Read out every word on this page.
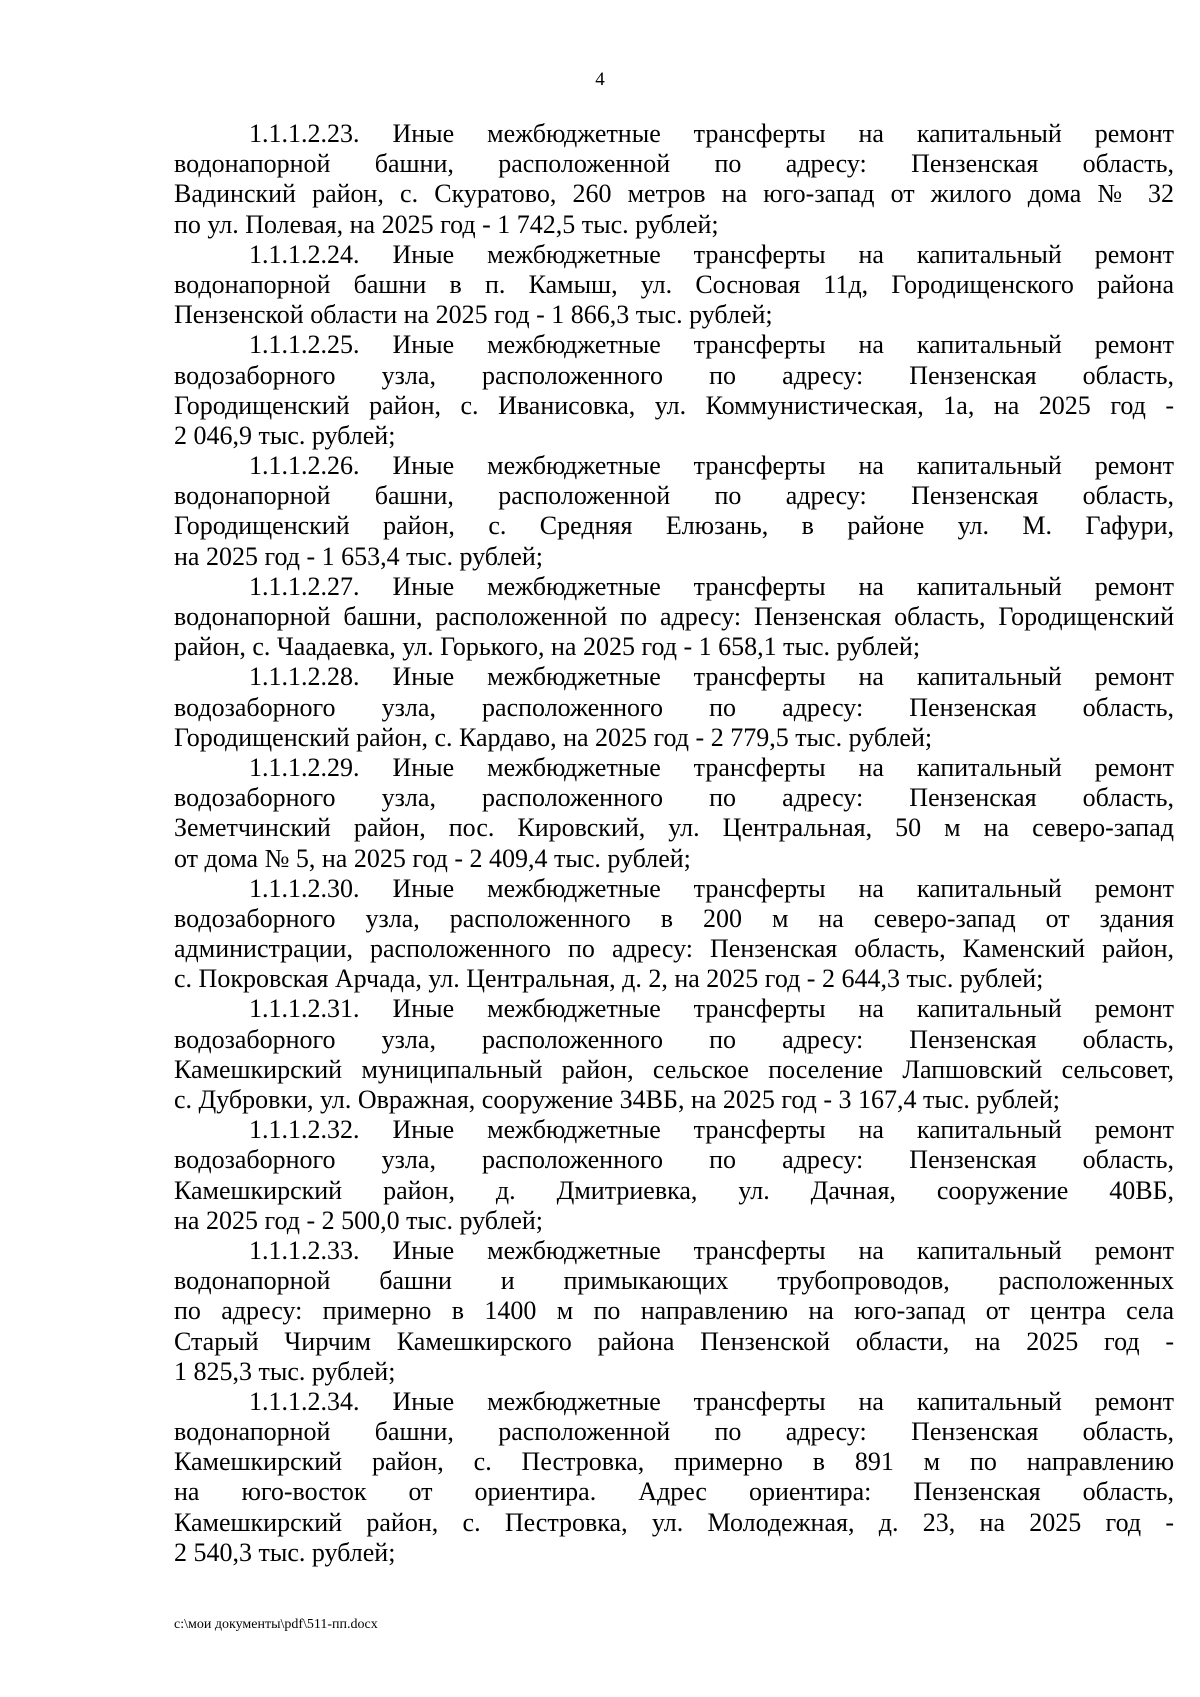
4
1.1.1.2.23. Иные межбюджетные трансферты на капитальный ремонт
водонапорной башни, расположенной по адресу: Пензенская область,
Вадинский район, с. Скуратово, 260 метров на юго-запад от жилого дома № 32
по ул. Полевая, на 2025 год - 1 742,5 тыс. рублей;
1.1.1.2.24. Иные межбюджетные трансферты на капитальный ремонт
водонапорной башни в п. Камыш, ул. Сосновая 11д, Городищенского района
Пензенской области на 2025 год - 1 866,3 тыс. рублей;
1.1.1.2.25. Иные межбюджетные трансферты на капитальный ремонт
водозаборного узла, расположенного по адресу: Пензенская область,
Городищенский район, с. Иванисовка, ул. Коммунистическая, 1а, на 2025 год -
2 046,9 тыс. рублей;
1.1.1.2.26. Иные межбюджетные трансферты на капитальный ремонт
водонапорной башни, расположенной по адресу: Пензенская область,
Городищенский район, с. Средняя Елюзань, в районе ул. М. Гафури,
на 2025 год - 1 653,4 тыс. рублей;
1.1.1.2.27. Иные межбюджетные трансферты на капитальный ремонт
водонапорной башни, расположенной по адресу: Пензенская область, Городищенский
район, с. Чаадаевка, ул. Горького, на 2025 год - 1 658,1 тыс. рублей;
1.1.1.2.28. Иные межбюджетные трансферты на капитальный ремонт
водозаборного узла, расположенного по адресу: Пензенская область,
Городищенский район, с. Кардаво, на 2025 год - 2 779,5 тыс. рублей;
1.1.1.2.29. Иные межбюджетные трансферты на капитальный ремонт
водозаборного узла, расположенного по адресу: Пензенская область,
Земетчинский район, пос. Кировский, ул. Центральная, 50 м на северо-запад
от дома № 5, на 2025 год - 2 409,4 тыс. рублей;
1.1.1.2.30. Иные межбюджетные трансферты на капитальный ремонт
водозаборного узла, расположенного в 200 м на северо-запад от здания
администрации, расположенного по адресу: Пензенская область, Каменский район,
с. Покровская Арчада, ул. Центральная, д. 2, на 2025 год - 2 644,3 тыс. рублей;
1.1.1.2.31. Иные межбюджетные трансферты на капитальный ремонт
водозаборного узла, расположенного по адресу: Пензенская область,
Камешкирский муниципальный район, сельское поселение Лапшовский сельсовет,
с. Дубровки, ул. Овражная, сооружение 34ВБ, на 2025 год - 3 167,4 тыс. рублей;
1.1.1.2.32. Иные межбюджетные трансферты на капитальный ремонт
водозаборного узла, расположенного по адресу: Пензенская область,
Камешкирский район, д. Дмитриевка, ул. Дачная, сооружение 40ВБ,
на 2025 год - 2 500,0 тыс. рублей;
1.1.1.2.33. Иные межбюджетные трансферты на капитальный ремонт
водонапорной башни и примыкающих трубопроводов, расположенных
по адресу: примерно в 1400 м по направлению на юго-запад от центра села
Старый Чирчим Камешкирского района Пензенской области, на 2025 год -
1 825,3 тыс. рублей;
1.1.1.2.34. Иные межбюджетные трансферты на капитальный ремонт
водонапорной башни, расположенной по адресу: Пензенская область,
Камешкирский район, с. Пестровка, примерно в 891 м по направлению
на юго-восток от ориентира. Адрес ориентира: Пензенская область,
Камешкирский район, с. Пестровка, ул. Молодежная, д. 23, на 2025 год -
2 540,3 тыс. рублей;
c:\мои документы\pdf\511-пп.docx
